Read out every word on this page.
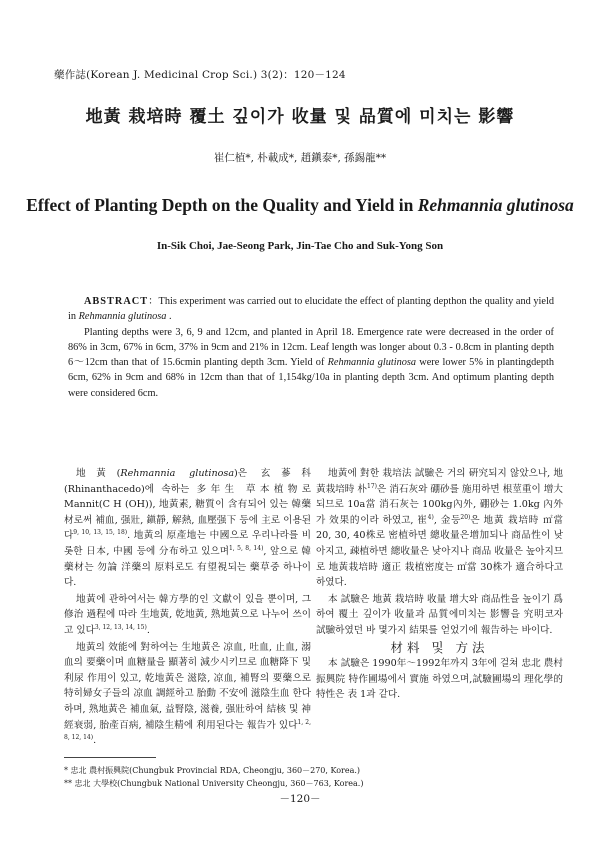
藥作誌(Korean J. Medicinal Crop Sci.) 3(2)：120－124
地黃 栽培時 覆土 깊이가 收量 및 品質에 미치는 影響
崔仁植*, 朴載成*, 趙鎭泰*, 孫錫龍**
Effect of Planting Depth on the Quality and Yield in Rehmannia glutinosa
In-Sik Choi, Jae-Seong Park, Jin-Tae Cho and Suk-Yong Son

ABSTRACT：This experiment was carried out to elucidate the effect of planting depthon the quality and yield in Rehmannia glutinosa .

Planting depths were 3, 6, 9 and 12cm, and planted in April 18. Emergence rate were decreased in the order of 86% in 3cm, 67% in 6cm, 37% in 9cm and 21% in 12cm. Leaf length was longer about 0.3 - 0.8cm in planting depth 6～12cm than that of 15.6cmin planting depth 3cm. Yield of Rehmannia glutinosa were lower 5% in plantingdepth 6cm, 62% in 9cm and 68% in 12cm than that of 1,154kg/10a in planting depth 3cm. And optimum planting depth were considered 6cm.

地黃(Rehmannia glutinosa)은 玄蔘科(Rhinanthacedo)에 속하는 多年生 草本植物로 Mannit(C H (OH)), 地黃素, 糖質이 含有되어 있는 韓藥材로써 補血, 强壯, 鎭靜, 解熱, 血壓强下 등에 主로 이용된다$^{9, 10, 13, 15, 18)}$. 地黃의 原產地는 中國으로 우리나라를 비롯한 日本, 中國 등에 分布하고 있으며$^{1, 5, 8, 14)}$, 앞으로 韓藥材는 勿論 洋藥의 原料로도 有望視되는 藥草중 하나이다.

地黃에 관하여서는 韓方學的인 文獻이 있을 뿐이며, 그 修治 過程에 따라 生地黃, 乾地黃, 熟地黃으로 나누어 쓰이고 있다$^{3, 12, 13, 14, 15)}$.

地黃의 效能에 對하여는 生地黃은 凉血, 吐血, 止血, 溺血의 要藥이며 血糖量을 顯著히 減少시키므로 血糖降下 및 利尿 作用이 있고, 乾地黃은 滋陰, 凉血, 補腎의 要藥으로 特히婦女子들의 凉血 調經하고 胎動 不安에 滋陰生血 한다 하며, 熟地黃은 補血氣, 益腎陰, 滋養, 强壯하여 結核 및 神經衰弱, 胎產百病, 補陰生精에 利用된다는 報告가 있다$^{1, 2, 8, 12, 14)}$.

地黃에 對한 栽培法 試驗은 거의 硏究되지 않았으나, 地黃栽培時 朴$^{17)}$은 消石灰와 硼砂를 施用하면 根莖重이 增大되므로 10a當 消石灰는 100kg內外, 硼砂는 1.0kg 內外가 效果的이라 하였고, 崔$^{4)}$, 金등$^{20)}$은 地黃 栽培時 ㎡當 20, 30, 40株로 密植하면 總收量은增加되나 商品性이 낮아지고, 疎植하면 總收量은 낮아지나 商品 收量은 높아지므로 地黃栽培時 適正 栽植密度는 ㎡當 30株가 適合하다고 하였다.

本 試驗은 地黃 栽培時 收量 增大와 商品性을 높이기 爲하여 覆土 깊이가 收量과 品質에미치는 影響을 究明코자 試驗하였던 바 몇가지 結果를 얻었기에 報告하는 바이다.

材料 및 方法

本 試驗은 1990年～1992年까지 3年에 걸쳐 忠北 農村振興院 特作圃場에서 實施 하였으며,試驗圃場의 理化學的 特性은 表 1과 같다.

* 忠北 農村振興院(Chungbuk Provincial RDA, Cheongju, 360－270, Korea.)
** 忠北 大學校(Chungbuk National University Cheongju, 360－763, Korea.)
－120－
